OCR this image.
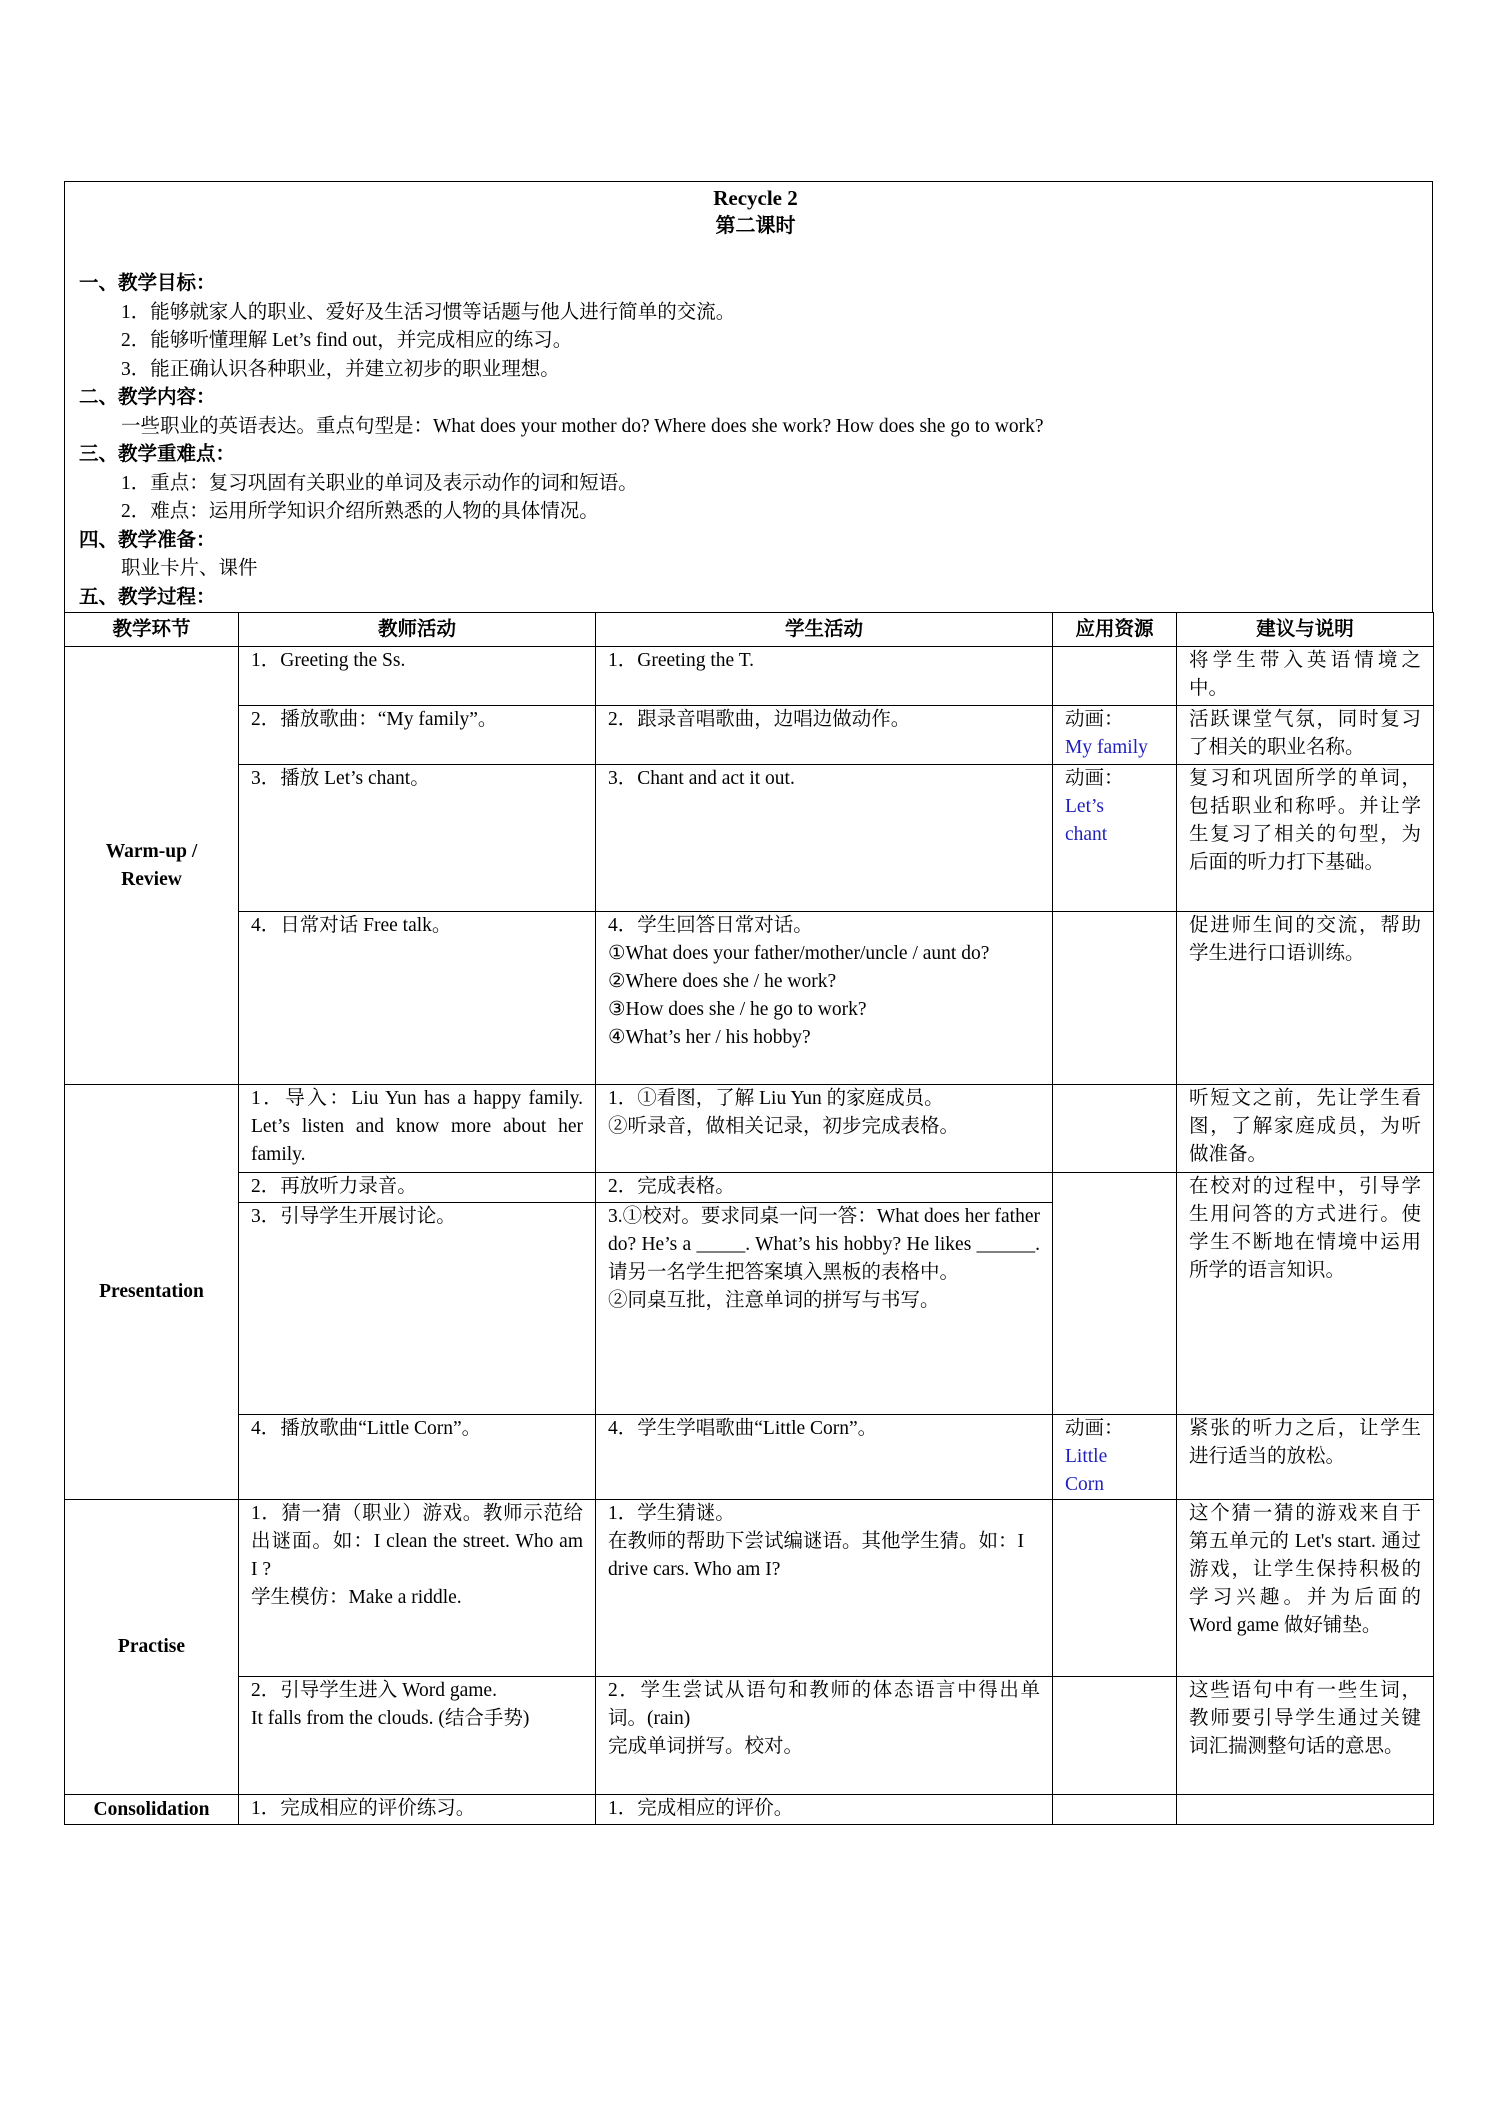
Recycle 2
第二课时
一、教学目标：
1．能够就家人的职业、爱好及生活习惯等话题与他人进行简单的交流。
2．能够听懂理解 Let’s find out，并完成相应的练习。
3．能正确认识各种职业，并建立初步的职业理想。
二、教学内容：
一些职业的英语表达。重点句型是：What does your mother do? Where does she work? How does she go to work?
三、教学重难点：
1．重点：复习巩固有关职业的单词及表示动作的词和短语。
2．难点：运用所学知识介绍所熟悉的人物的具体情况。
四、教学准备：
职业卡片、课件
五、教学过程：
教学环节	教师活动	学生活动	应用资源	建议与说明
Warm-up / Review	1．Greeting the Ss.	1．Greeting the T.		将学生带入英语情境之中。
	2．播放歌曲：“My family”。	2．跟录音唱歌曲，边唱边做动作。	动画：
My family	活跃课堂气氛，同时复习了相关的职业名称。
	3．播放 Let’s chant。	3．Chant and act it out.	动画：
Let’s chant	复习和巩固所学的单词，包括职业和称呼。并让学生复习了相关的句型，为后面的听力打下基础。
	4．日常对话 Free talk。	4．学生回答日常对话。
①What does your father/mother/uncle / aunt do?
②Where does she / he work?
③How does she / he go to work?
④What’s her / his hobby?		促进师生间的交流，帮助学生进行口语训练。
Presentation	1．导入：Liu Yun has a happy family. Let’s listen and know more about her family.	1．①看图，了解 Liu Yun 的家庭成员。
②听录音，做相关记录，初步完成表格。		听短文之前，先让学生看图，了解家庭成员，为听做准备。
	2．再放听力录音。	2．完成表格。		在校对的过程中，引导学生用问答的方式进行。使学生不断地在情境中运用所学的语言知识。
	3．引导学生开展讨论。	3.①校对。要求同桌一问一答：What does her father do? He’s a _____. What’s his hobby? He likes ______. 请另一名学生把答案填入黑板的表格中。
②同桌互批，注意单词的拼写与书写。		

	4．播放歌曲“Little Corn”。	4．学生学唱歌曲“Little Corn”。	动画：
Little Corn	紧张的听力之后，让学生进行适当的放松。
Practise	1．猜一猜（职业）游戏。教师示范给出谜面。如：I clean the street. Who am I ?
学生模仿：Make a riddle.	1．学生猜谜。
在教师的帮助下尝试编谜语。其他学生猜。如：I drive cars. Who am I?		这个猜一猜的游戏来自于第五单元的 Let's start. 通过游戏，让学生保持积极的学习兴趣。并为后面的 Word game 做好铺垫。

	2．引导学生进入 Word game.
It falls from the clouds. (结合手势)	2．学生尝试从语句和教师的体态语言中得出单词。(rain)
完成单词拼写。校对。		这些语句中有一些生词，教师要引导学生通过关键词汇揣测整句话的意思。
Consolidation	1．完成相应的评价练习。	1．完成相应的评价。		
